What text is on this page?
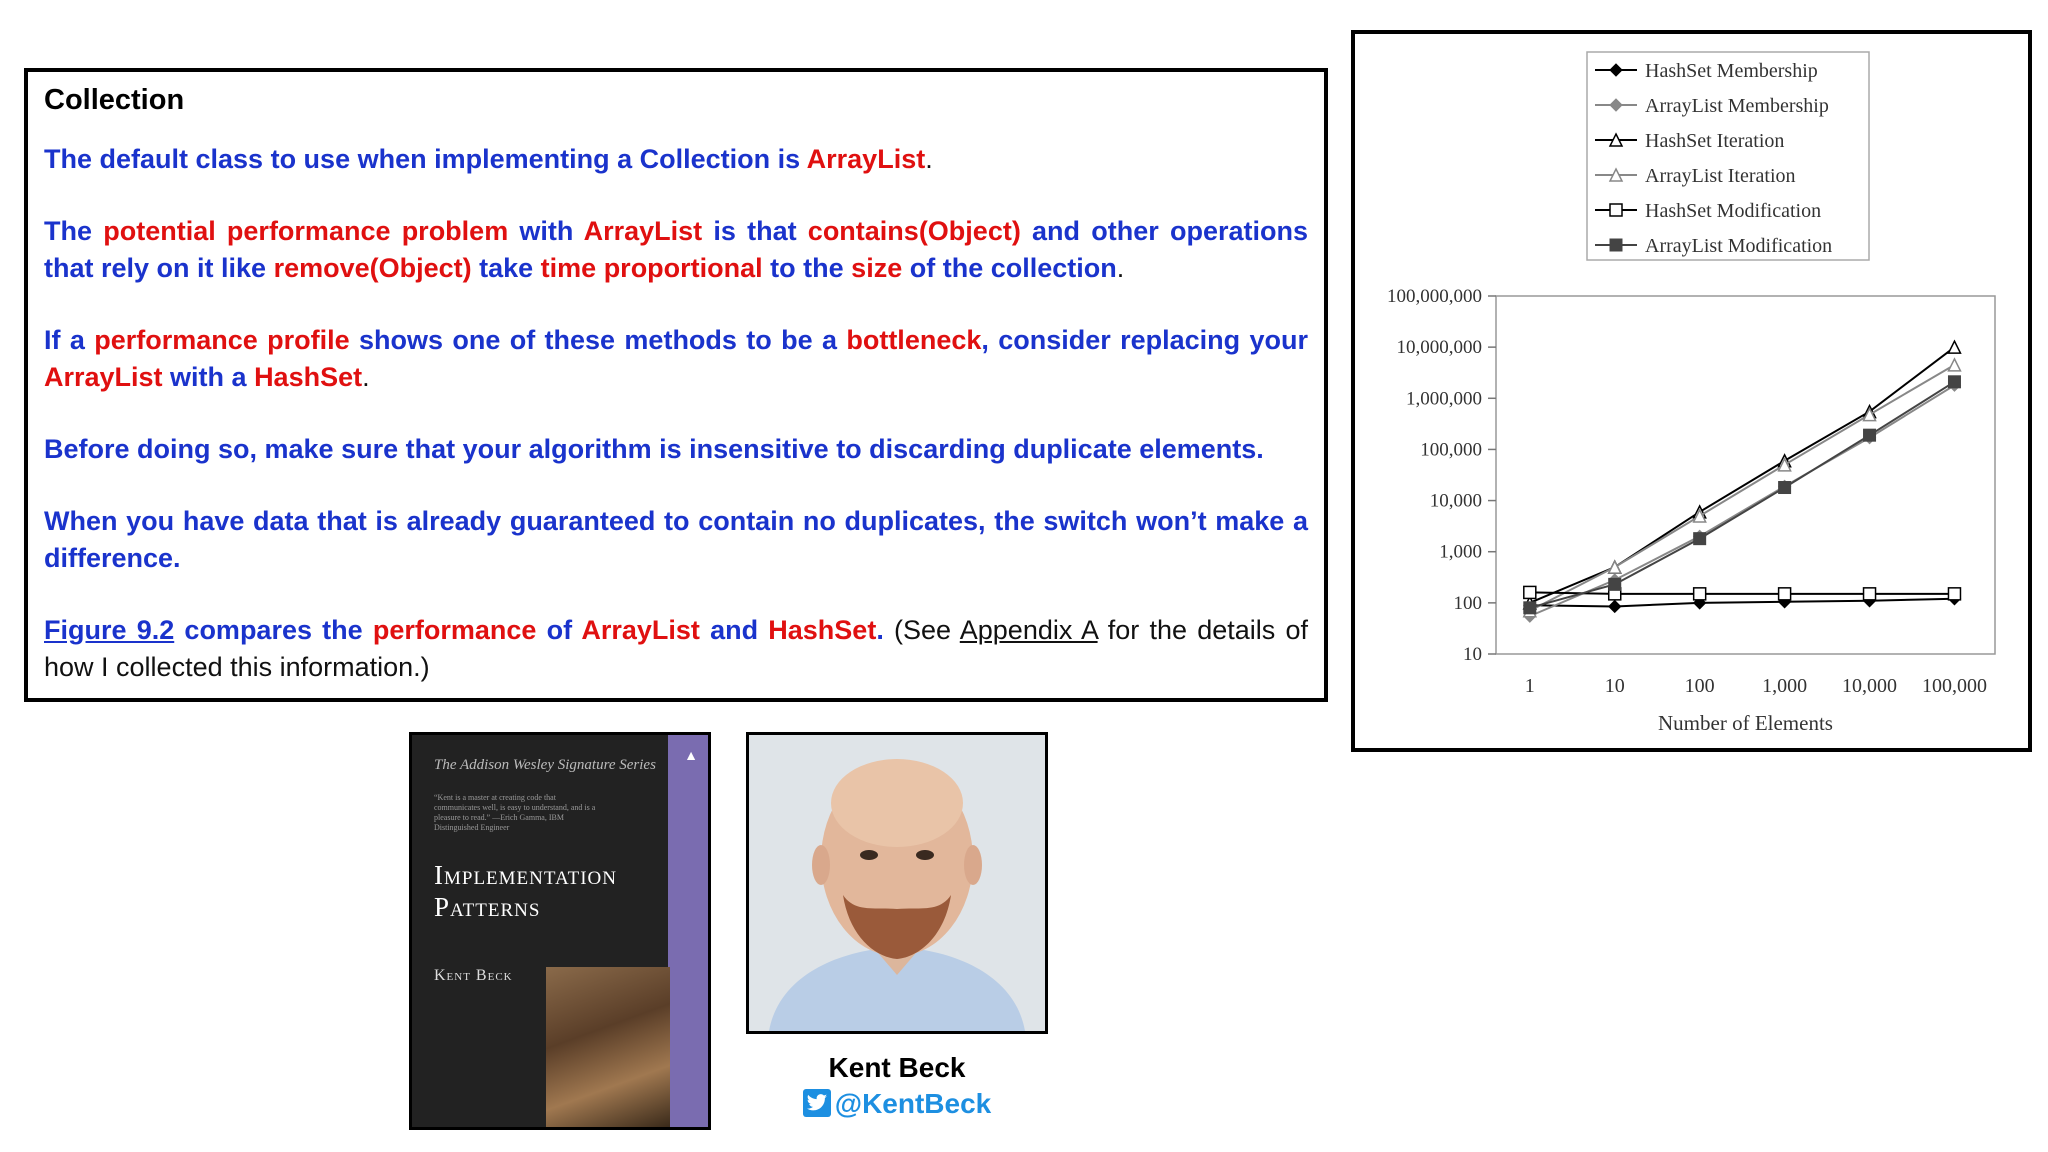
Collection

The default class to use when implementing a Collection is ArrayList.

The potential performance problem with ArrayList is that contains(Object) and other operations that rely on it like remove(Object) take time proportional to the size of the collection.

If a performance profile shows one of these methods to be a bottleneck, consider replacing your ArrayList with a HashSet.

Before doing so, make sure that your algorithm is insensitive to discarding duplicate elements.

When you have data that is already guaranteed to contain no duplicates, the switch won’t make a difference.

Figure 9.2 compares the performance of ArrayList and HashSet. (See Appendix A for the details of how I collected this information.)	10
100
1,000
10,000
100,000
1,000,000
10,000,000
100,000,000
1	10	100 1,000 10,000 100,000
Number of Elements
HashSet Membership
ArrayList Membership
HashSet Iteration
ArrayList Iteration
HashSet Modification
ArrayList Modification
▲
The Addison Wesley Signature Series
“Kent is a master at creating code that communicates well, is easy to understand, and is a pleasure to read.” —Erich Gamma, IBM Distinguished Engineer
Implementation
Patterns
Kent Beck
Kent Beck
@KentBeck
